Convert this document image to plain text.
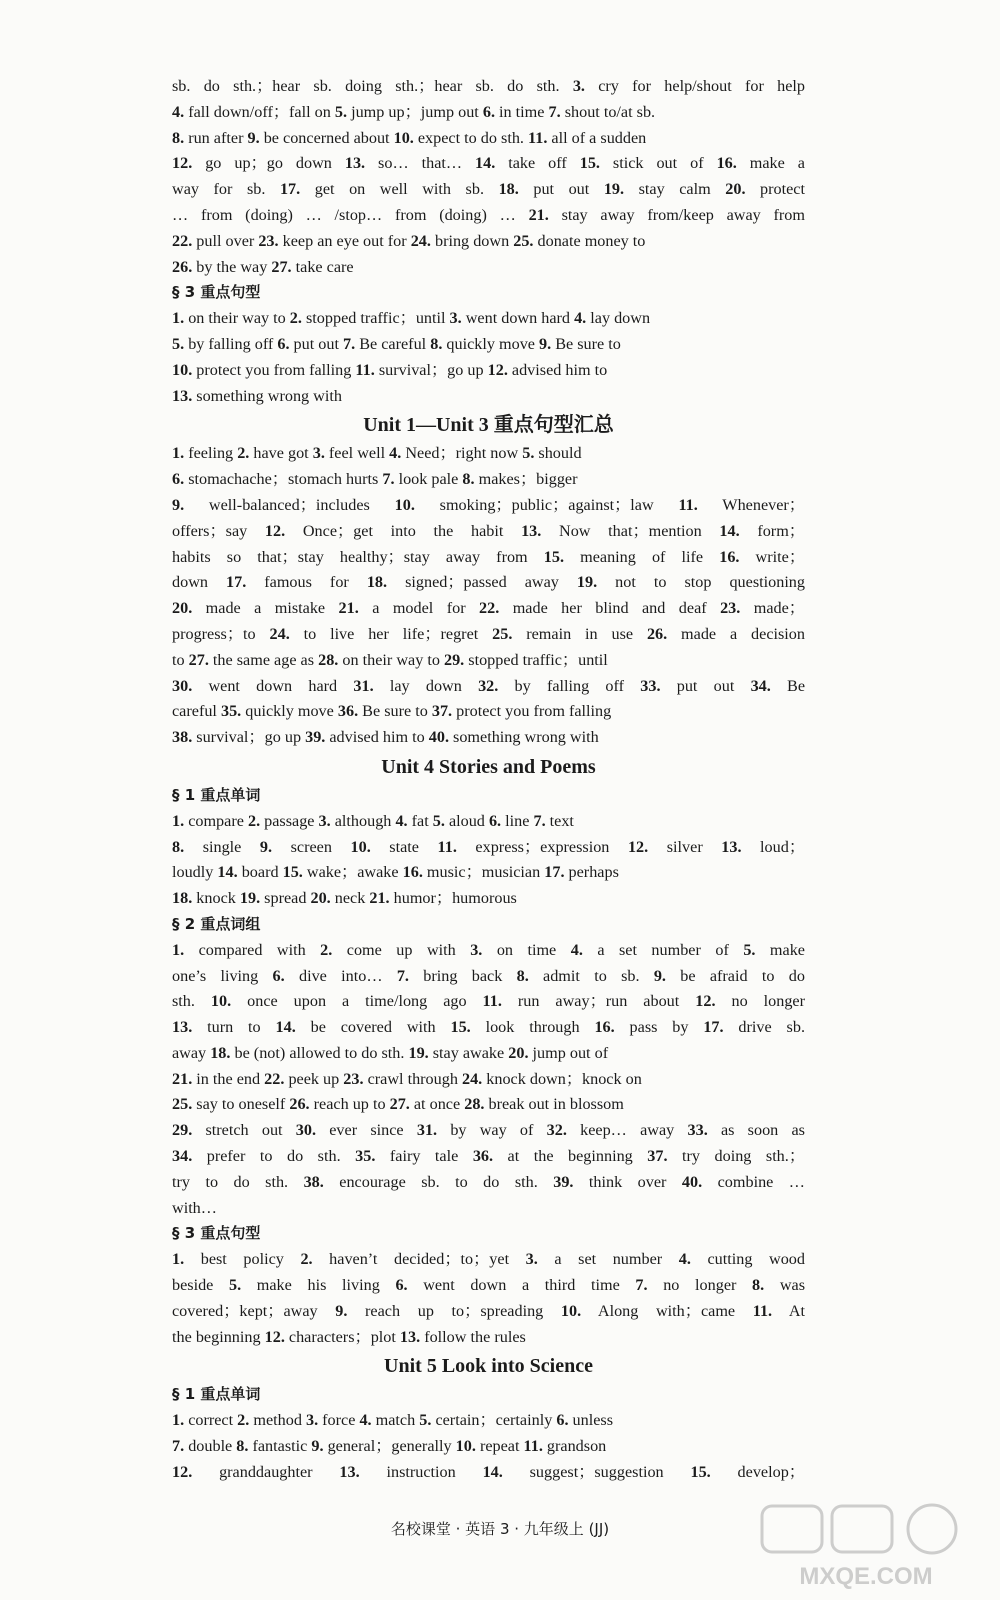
sb. do sth.；hear sb. doing sth.；hear sb. do sth. 3. cry for help/shout for help
4. fall down/off；fall on 5. jump up；jump out 6. in time 7. shout to/at sb.
8. run after 9. be concerned about 10. expect to do sth. 11. all of a sudden
12. go up；go down 13. so… that… 14. take off 15. stick out of 16. make a
way for sb. 17. get on well with sb. 18. put out 19. stay calm 20. protect
… from (doing) … /stop… from (doing) … 21. stay away from/keep away from
22. pull over 23. keep an eye out for 24. bring down 25. donate money to
26. by the way 27. take care
§ 3 重点句型
1. on their way to 2. stopped traffic；until 3. went down hard 4. lay down
5. by falling off 6. put out 7. Be careful 8. quickly move 9. Be sure to
10. protect you from falling 11. survival；go up 12. advised him to
13. something wrong with
Unit 1—Unit 3 重点句型汇总
1. feeling 2. have got 3. feel well 4. Need；right now 5. should
6. stomachache；stomach hurts 7. look pale 8. makes；bigger
9. well-balanced；includes 10. smoking；public；against；law 11. Whenever；
offers；say 12. Once；get into the habit 13. Now that；mention 14. form；
habits so that；stay healthy；stay away from 15. meaning of life 16. write；
down 17. famous for 18. signed；passed away 19. not to stop questioning
20. made a mistake 21. a model for 22. made her blind and deaf 23. made；
progress；to 24. to live her life；regret 25. remain in use 26. made a decision
to 27. the same age as 28. on their way to 29. stopped traffic；until
30. went down hard 31. lay down 32. by falling off 33. put out 34. Be
careful 35. quickly move 36. Be sure to 37. protect you from falling
38. survival；go up 39. advised him to 40. something wrong with
Unit 4 Stories and Poems
§ 1 重点单词
1. compare 2. passage 3. although 4. fat 5. aloud 6. line 7. text
8. single 9. screen 10. state 11. express；expression 12. silver 13. loud；
loudly 14. board 15. wake；awake 16. music；musician 17. perhaps
18. knock 19. spread 20. neck 21. humor；humorous
§ 2 重点词组
1. compared with 2. come up with 3. on time 4. a set number of 5. make
one’s living 6. dive into… 7. bring back 8. admit to sb. 9. be afraid to do
sth. 10. once upon a time/long ago 11. run away；run about 12. no longer
13. turn to 14. be covered with 15. look through 16. pass by 17. drive sb.
away 18. be (not) allowed to do sth. 19. stay awake 20. jump out of
21. in the end 22. peek up 23. crawl through 24. knock down；knock on
25. say to oneself 26. reach up to 27. at once 28. break out in blossom
29. stretch out 30. ever since 31. by way of 32. keep… away 33. as soon as
34. prefer to do sth. 35. fairy tale 36. at the beginning 37. try doing sth.；
try to do sth. 38. encourage sb. to do sth. 39. think over 40. combine …
with…
§ 3 重点句型
1. best policy 2. haven’t decided；to；yet 3. a set number 4. cutting wood
beside 5. make his living 6. went down a third time 7. no longer 8. was
covered；kept；away 9. reach up to；spreading 10. Along with；came 11. At
the beginning 12. characters；plot 13. follow the rules
Unit 5 Look into Science
§ 1 重点单词
1. correct 2. method 3. force 4. match 5. certain；certainly 6. unless
7. double 8. fantastic 9. general；generally 10. repeat 11. grandson
12. granddaughter 13. instruction 14. suggest；suggestion 15. develop；
名校课堂 · 英语 3 · 九年级上 (JJ)
MXQE.COM
